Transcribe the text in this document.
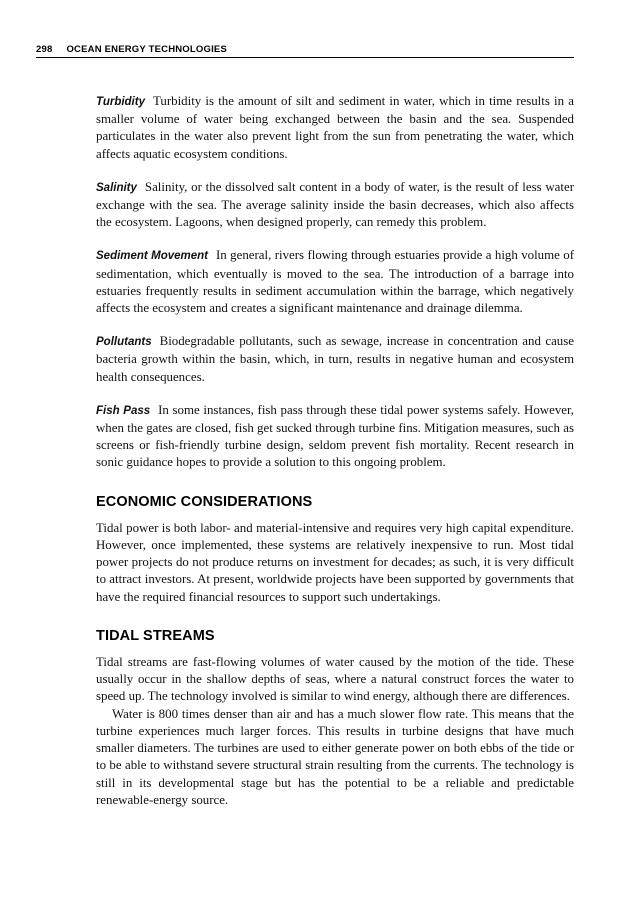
298 OCEAN ENERGY TECHNOLOGIES

Turbidity Turbidity is the amount of silt and sediment in water, which in time results in a smaller volume of water being exchanged between the basin and the sea. Suspended particulates in the water also prevent light from the sun from penetrating the water, which affects aquatic ecosystem conditions.

Salinity Salinity, or the dissolved salt content in a body of water, is the result of less water exchange with the sea. The average salinity inside the basin decreases, which also affects the ecosystem. Lagoons, when designed properly, can remedy this problem.

Sediment Movement In general, rivers flowing through estuaries provide a high volume of sedimentation, which eventually is moved to the sea. The introduction of a barrage into estuaries frequently results in sediment accumulation within the barrage, which negatively affects the ecosystem and creates a significant maintenance and drainage dilemma.

Pollutants Biodegradable pollutants, such as sewage, increase in concentration and cause bacteria growth within the basin, which, in turn, results in negative human and ecosystem health consequences.

Fish Pass In some instances, fish pass through these tidal power systems safely. However, when the gates are closed, fish get sucked through turbine fins. Mitigation measures, such as screens or fish-friendly turbine design, seldom prevent fish mortality. Recent research in sonic guidance hopes to provide a solution to this ongoing problem.

ECONOMIC CONSIDERATIONS

Tidal power is both labor- and material-intensive and requires very high capital expenditure. However, once implemented, these systems are relatively inexpensive to run. Most tidal power projects do not produce returns on investment for decades; as such, it is very difficult to attract investors. At present, worldwide projects have been supported by governments that have the required financial resources to support such undertakings.

TIDAL STREAMS

Tidal streams are fast-flowing volumes of water caused by the motion of the tide. These usually occur in the shallow depths of seas, where a natural construct forces the water to speed up. The technology involved is similar to wind energy, although there are differences.

Water is 800 times denser than air and has a much slower flow rate. This means that the turbine experiences much larger forces. This results in turbine designs that have much smaller diameters. The turbines are used to either generate power on both ebbs of the tide or to be able to withstand severe structural strain resulting from the currents. The technology is still in its developmental stage but has the potential to be a reliable and predictable renewable-energy source.
